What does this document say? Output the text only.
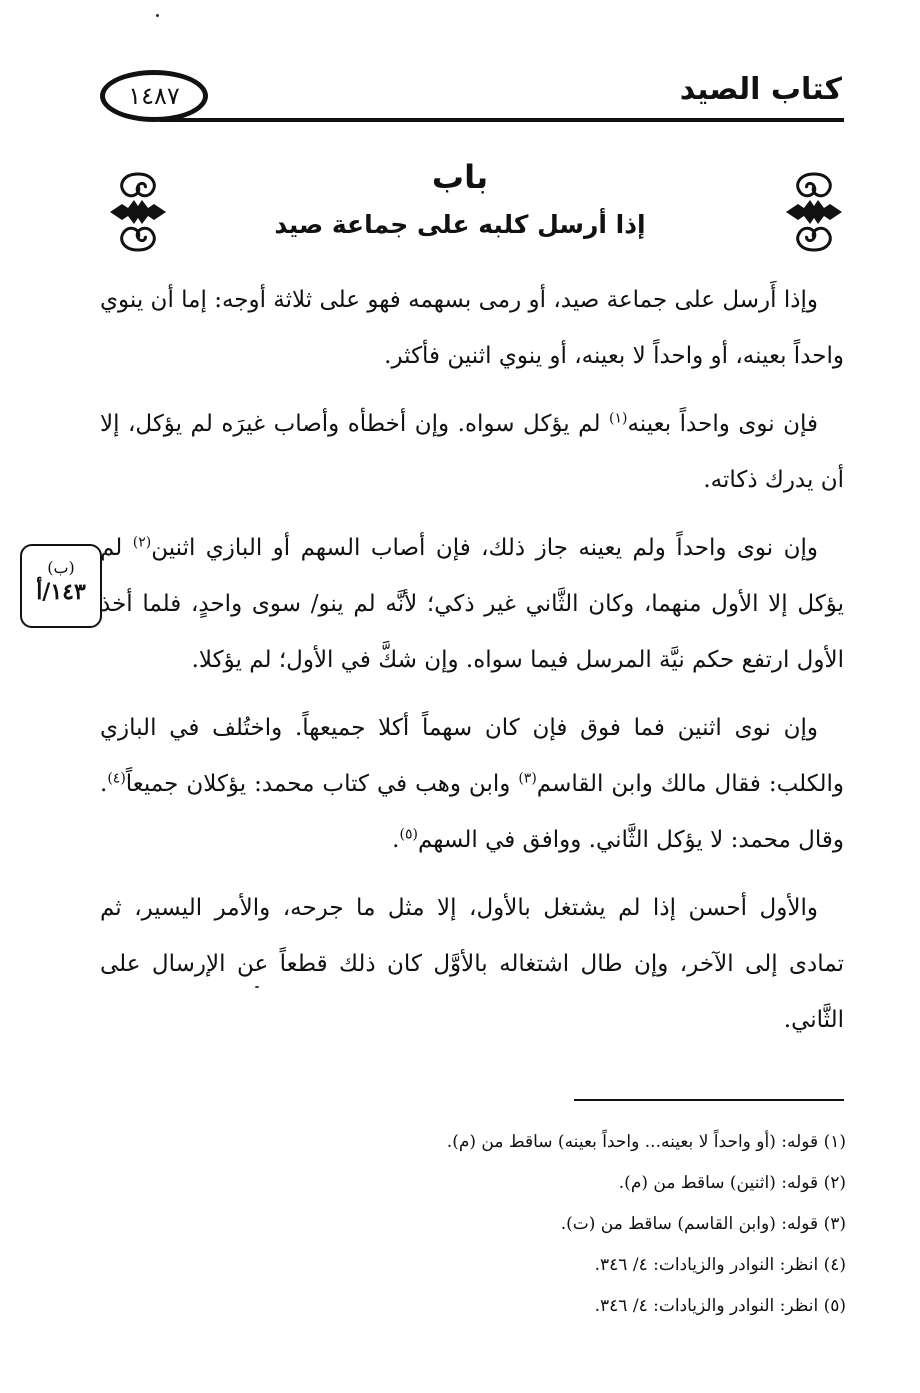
كتاب الصيد
١٤٨٧
باب
إذا أرسل كلبه على جماعة صيد

وإذا أَرسل على جماعة صيد، أو رمى بسهمه فهو على ثلاثة أوجه: إما أن ينوي واحداً بعينه، أو واحداً لا بعينه، أو ينوي اثنين فأكثر.

فإن نوى واحداً بعينه$^{(١)}$ لم يؤكل سواه. وإن أخطأه وأصاب غيرَه لم يؤكل، إلا أن يدرك ذكاته.

وإن نوى واحداً ولم يعينه جاز ذلك، فإن أصاب السهم أو البازي اثنين$^{(٢)}$ لم يؤكل إلا الأول منهما، وكان الثَّاني غير ذكي؛ لأنَّه لم ينو/ سوى واحدٍ، فلما أخذ الأول ارتفع حكم نيَّة المرسل فيما سواه. وإن شكَّ في الأول؛ لم يؤكلا.

وإن نوى اثنين فما فوق فإن كان سهماً أكلا جميعهاً. واختُلف في البازي والكلب: فقال مالك وابن القاسم$^{(٣)}$ وابن وهب في كتاب محمد: يؤكلان جميعاً$^{(٤)}$. وقال محمد: لا يؤكل الثَّاني. ووافق في السهم$^{(٥)}$.

والأول أحسن إذا لم يشتغل بالأول، إلا مثل ما جرحه، والأمر اليسير، ثم تمادى إلى الآخر، وإن طال اشتغاله بالأوَّل كان ذلك قطعاً عن الإرسال على الثَّاني.

(ب)
١٤٣/أ
(١) قوله: (أو واحداً لا بعينه... واحداً بعينه) ساقط من (م).
(٢) قوله: (اثنين) ساقط من (م).
(٣) قوله: (وابن القاسم) ساقط من (ت).
(٤) انظر: النوادر والزيادات: ٤/ ٣٤٦.
(٥) انظر: النوادر والزيادات: ٤/ ٣٤٦.
